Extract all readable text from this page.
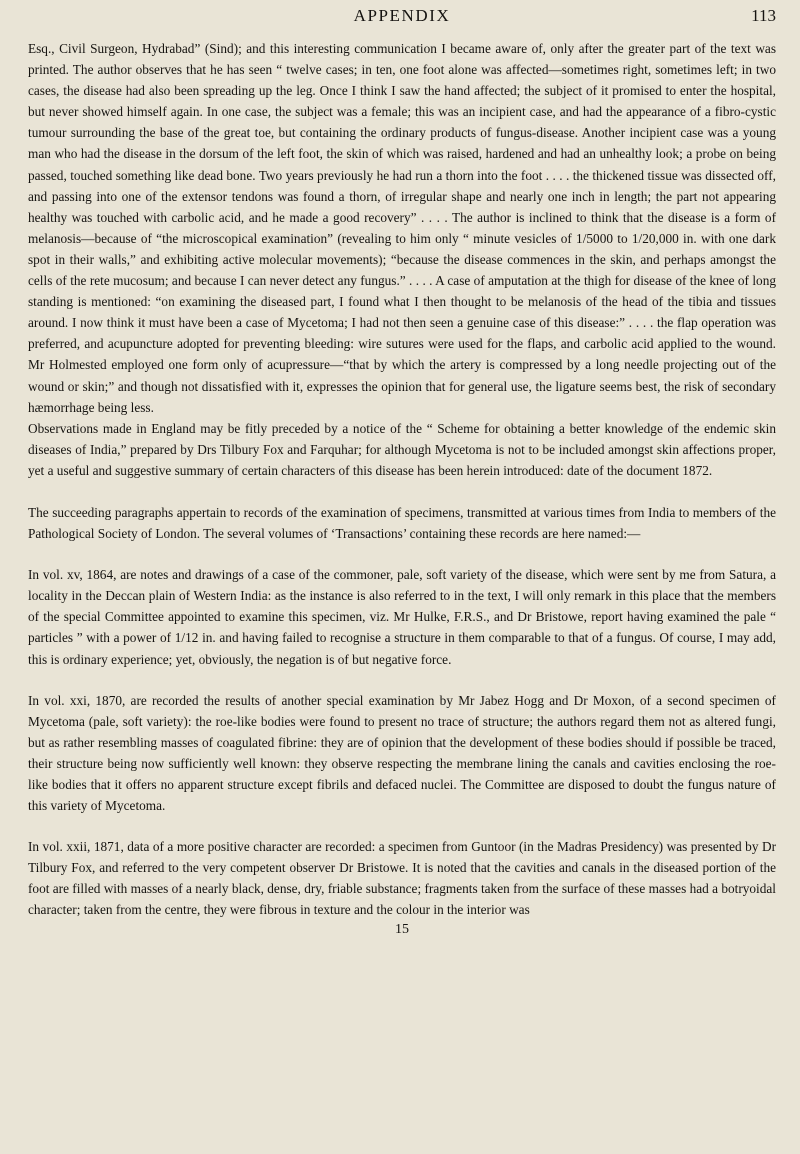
APPENDIX	113

Esq., Civil Surgeon, Hydrabad” (Sind); and this interesting communication I became aware of, only after the greater part of the text was printed. The author observes that he has seen “ twelve cases; in ten, one foot alone was affected—sometimes right, sometimes left; in two cases, the disease had also been spreading up the leg. Once I think I saw the hand affected; the subject of it promised to enter the hospital, but never showed himself again. In one case, the subject was a female; this was an incipient case, and had the appearance of a fibro-cystic tumour surrounding the base of the great toe, but containing the ordinary products of fungus-disease. Another incipient case was a young man who had the disease in the dorsum of the left foot, the skin of which was raised, hardened and had an unhealthy look; a probe on being passed, touched something like dead bone. Two years previously he had run a thorn into the foot . . . . the thickened tissue was dissected off, and passing into one of the extensor tendons was found a thorn, of irregular shape and nearly one inch in length; the part not appearing healthy was touched with carbolic acid, and he made a good recovery” . . . . The author is inclined to think that the disease is a form of melanosis—because of “the microscopical examination” (revealing to him only “ minute vesicles of 1/5000 to 1/20,000 in. with one dark spot in their walls,” and exhibiting active molecular movements); “because the disease commences in the skin, and perhaps amongst the cells of the rete mucosum; and because I can never detect any fungus.” . . . . A case of amputation at the thigh for disease of the knee of long standing is mentioned: “on examining the diseased part, I found what I then thought to be melanosis of the head of the tibia and tissues around. I now think it must have been a case of Mycetoma; I had not then seen a genuine case of this disease:” . . . . the flap operation was preferred, and acupuncture adopted for preventing bleeding: wire sutures were used for the flaps, and carbolic acid applied to the wound. Mr Holmested employed one form only of acupressure—“that by which the artery is compressed by a long needle projecting out of the wound or skin;” and though not dissatisfied with it, expresses the opinion that for general use, the ligature seems best, the risk of secondary hæmorrhage being less.

Observations made in England may be fitly preceded by a notice of the “ Scheme for obtaining a better knowledge of the endemic skin diseases of India,” prepared by Drs Tilbury Fox and Farquhar; for although Mycetoma is not to be included amongst skin affections proper, yet a useful and suggestive summary of certain characters of this disease has been herein introduced: date of the document 1872.

The succeeding paragraphs appertain to records of the examination of specimens, transmitted at various times from India to members of the Pathological Society of London. The several volumes of ‘Transactions’ containing these records are here named:—

In vol. xv, 1864, are notes and drawings of a case of the commoner, pale, soft variety of the disease, which were sent by me from Satura, a locality in the Deccan plain of Western India: as the instance is also referred to in the text, I will only remark in this place that the members of the special Committee appointed to examine this specimen, viz. Mr Hulke, F.R.S., and Dr Bristowe, report having examined the pale “ particles ” with a power of 1/12 in. and having failed to recognise a structure in them comparable to that of a fungus. Of course, I may add, this is ordinary experience; yet, obviously, the negation is of but negative force.

In vol. xxi, 1870, are recorded the results of another special examination by Mr Jabez Hogg and Dr Moxon, of a second specimen of Mycetoma (pale, soft variety): the roe-like bodies were found to present no trace of structure; the authors regard them not as altered fungi, but as rather resembling masses of coagulated fibrine: they are of opinion that the development of these bodies should if possible be traced, their structure being now sufficiently well known: they observe respecting the membrane lining the canals and cavities enclosing the roe-like bodies that it offers no apparent structure except fibrils and defaced nuclei. The Committee are disposed to doubt the fungus nature of this variety of Mycetoma.

In vol. xxii, 1871, data of a more positive character are recorded: a specimen from Guntoor (in the Madras Presidency) was presented by Dr Tilbury Fox, and referred to the very competent observer Dr Bristowe. It is noted that the cavities and canals in the diseased portion of the foot are filled with masses of a nearly black, dense, dry, friable substance; fragments taken from the surface of these masses had a botryoidal character; taken from the centre, they were fibrous in texture and the colour in the interior was

15
